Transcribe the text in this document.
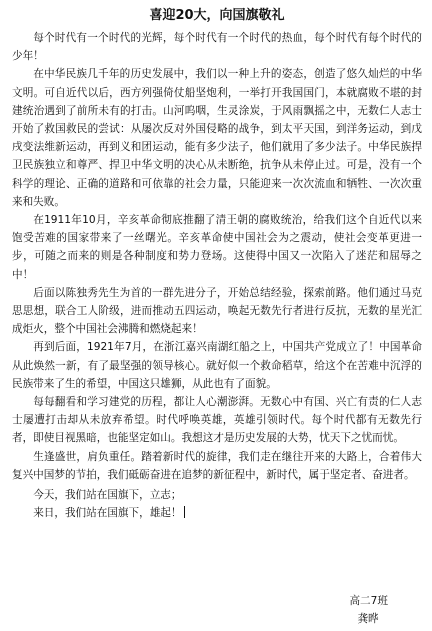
喜迎20大，向国旗敬礼

每个时代有一个时代的光辉，每个时代有一个时代的热血，每个时代有每个时代的少年！

在中华民族几千年的历史发展中，我们以一种上升的姿态，创造了悠久灿烂的中华文明。可自近代以后，西方列强倚仗船坚炮利，一举打开我国国门，本就腐败不堪的封建统治遇到了前所未有的打击。山河呜咽，生灵涂炭，于风雨飘摇之中，无数仁人志士开始了救国救民的尝试：从屡次反对外国侵略的战争，到太平天国，到洋务运动，到戊戌变法维新运动，再到义和团运动，能有多少法子，他们就用了多少法子。中华民族捍卫民族独立和尊严、捍卫中华文明的决心从未断绝，抗争从未停止过。可是，没有一个科学的理论、正确的道路和可依靠的社会力量，只能迎来一次次流血和牺牲、一次次重来和失败。

在1911年10月，辛亥革命彻底推翻了清王朝的腐败统治，给我们这个自近代以来饱受苦难的国家带来了一丝曙光。辛亥革命使中国社会为之震动，使社会变革更进一步，可随之而来的则是各种制度和势力登场。这使得中国又一次陷入了迷茫和屈辱之中！

后面以陈独秀先生为首的一群先进分子，开始总结经验，探索前路。他们通过马克思思想，联合工人阶级，进而推动五四运动，唤起无数先行者进行反抗，无数的星光汇成炬火，整个中国社会沸腾和燃烧起来！

再到后面，1921年7月，在浙江嘉兴南湖红船之上，中国共产党成立了！中国革命从此焕然一新，有了最坚强的领导核心。就好似一个救命稻草，给这个在苦难中沉浮的民族带来了生的希望，中国这只雄狮，从此也有了面貌。

每每翻看和学习建党的历程，都让人心潮澎湃。无数心中有国、兴亡有责的仁人志士屡遭打击却从未放弃希望。时代呼唤英雄，英雄引领时代。每个时代都有无数先行者，即使目视黑暗，也能坚定如山。我想这才是历史发展的大势，忧天下之忧而忧。

生逢盛世，肩负重任。踏着新时代的旋律，我们走在继往开来的大路上，合着伟大复兴中国梦的节拍，我们砥砺奋进在追梦的新征程中，新时代，属于坚定者、奋进者。

今天，我们站在国旗下，立志；
来日，我们站在国旗下，雄起！
高二7班
龚晔
